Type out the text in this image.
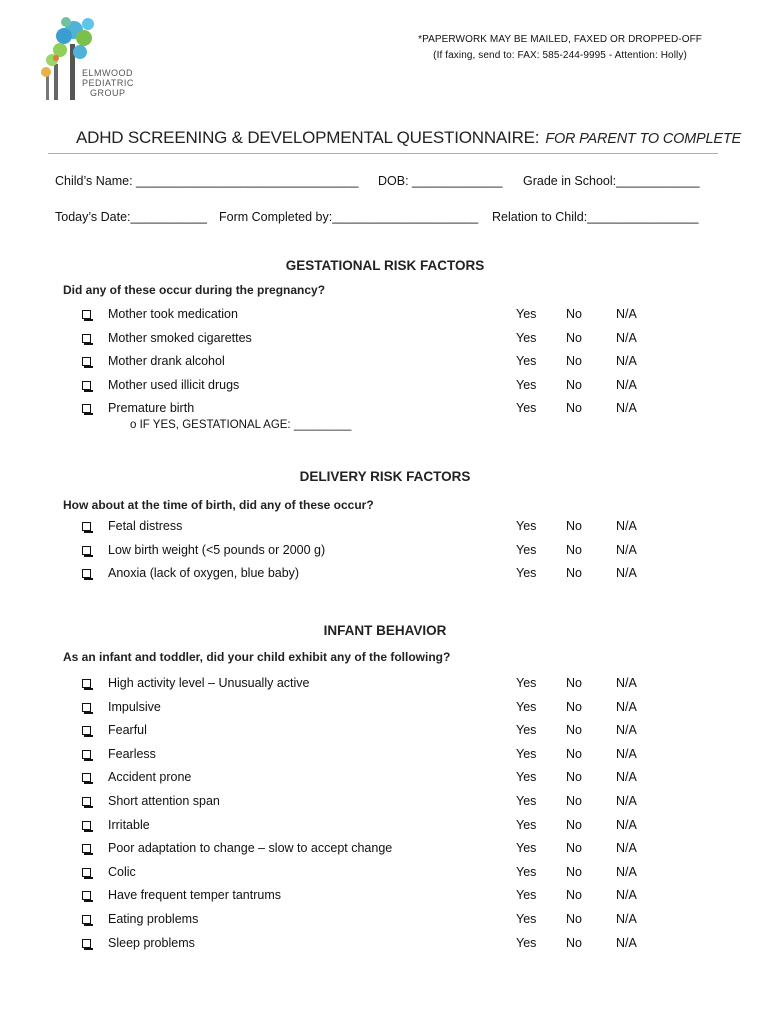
ELMWOOD
PEDIATRIC
GROUP
*PAPERWORK MAY BE MAILED, FAXED OR DROPPED-OFF
(If faxing, send to: FAX: 585-244-9995 - Attention: Holly)
ADHD SCREENING & DEVELOPMENTAL QUESTIONNAIRE: FOR PARENT TO COMPLETE
Child’s Name: ________________________________ DOB: _____________ Grade in School:____________
Today’s Date:___________ Form Completed by:_____________________ Relation to Child:________________
GESTATIONAL RISK FACTORS
Did any of these occur during the pregnancy?
Mother took medication	Yes No	N/A
Mother smoked cigarettes	Yes No	N/A
Mother drank alcohol	Yes No	N/A
Mother used illicit drugs	Yes No	N/A
Premature birth	Yes No	N/A
o IF YES, GESTATIONAL AGE: _________
DELIVERY RISK FACTORS
How about at the time of birth, did any of these occur?
Fetal distress	Yes No	N/A
Low birth weight (<5 pounds or 2000 g)	Yes No	N/A
Anoxia (lack of oxygen, blue baby)	Yes No	N/A
INFANT BEHAVIOR
As an infant and toddler, did your child exhibit any of the following?
High activity level – Unusually active	Yes No	N/A
Impulsive	Yes No	N/A
Fearful	Yes No	N/A
Fearless	Yes No	N/A
Accident prone	Yes No	N/A
Short attention span	Yes No	N/A
Irritable	Yes No	N/A
Poor adaptation to change – slow to accept change	Yes No	N/A
Colic	Yes No	N/A
Have frequent temper tantrums	Yes No	N/A
Eating problems	Yes No	N/A
Sleep problems	Yes No	N/A
